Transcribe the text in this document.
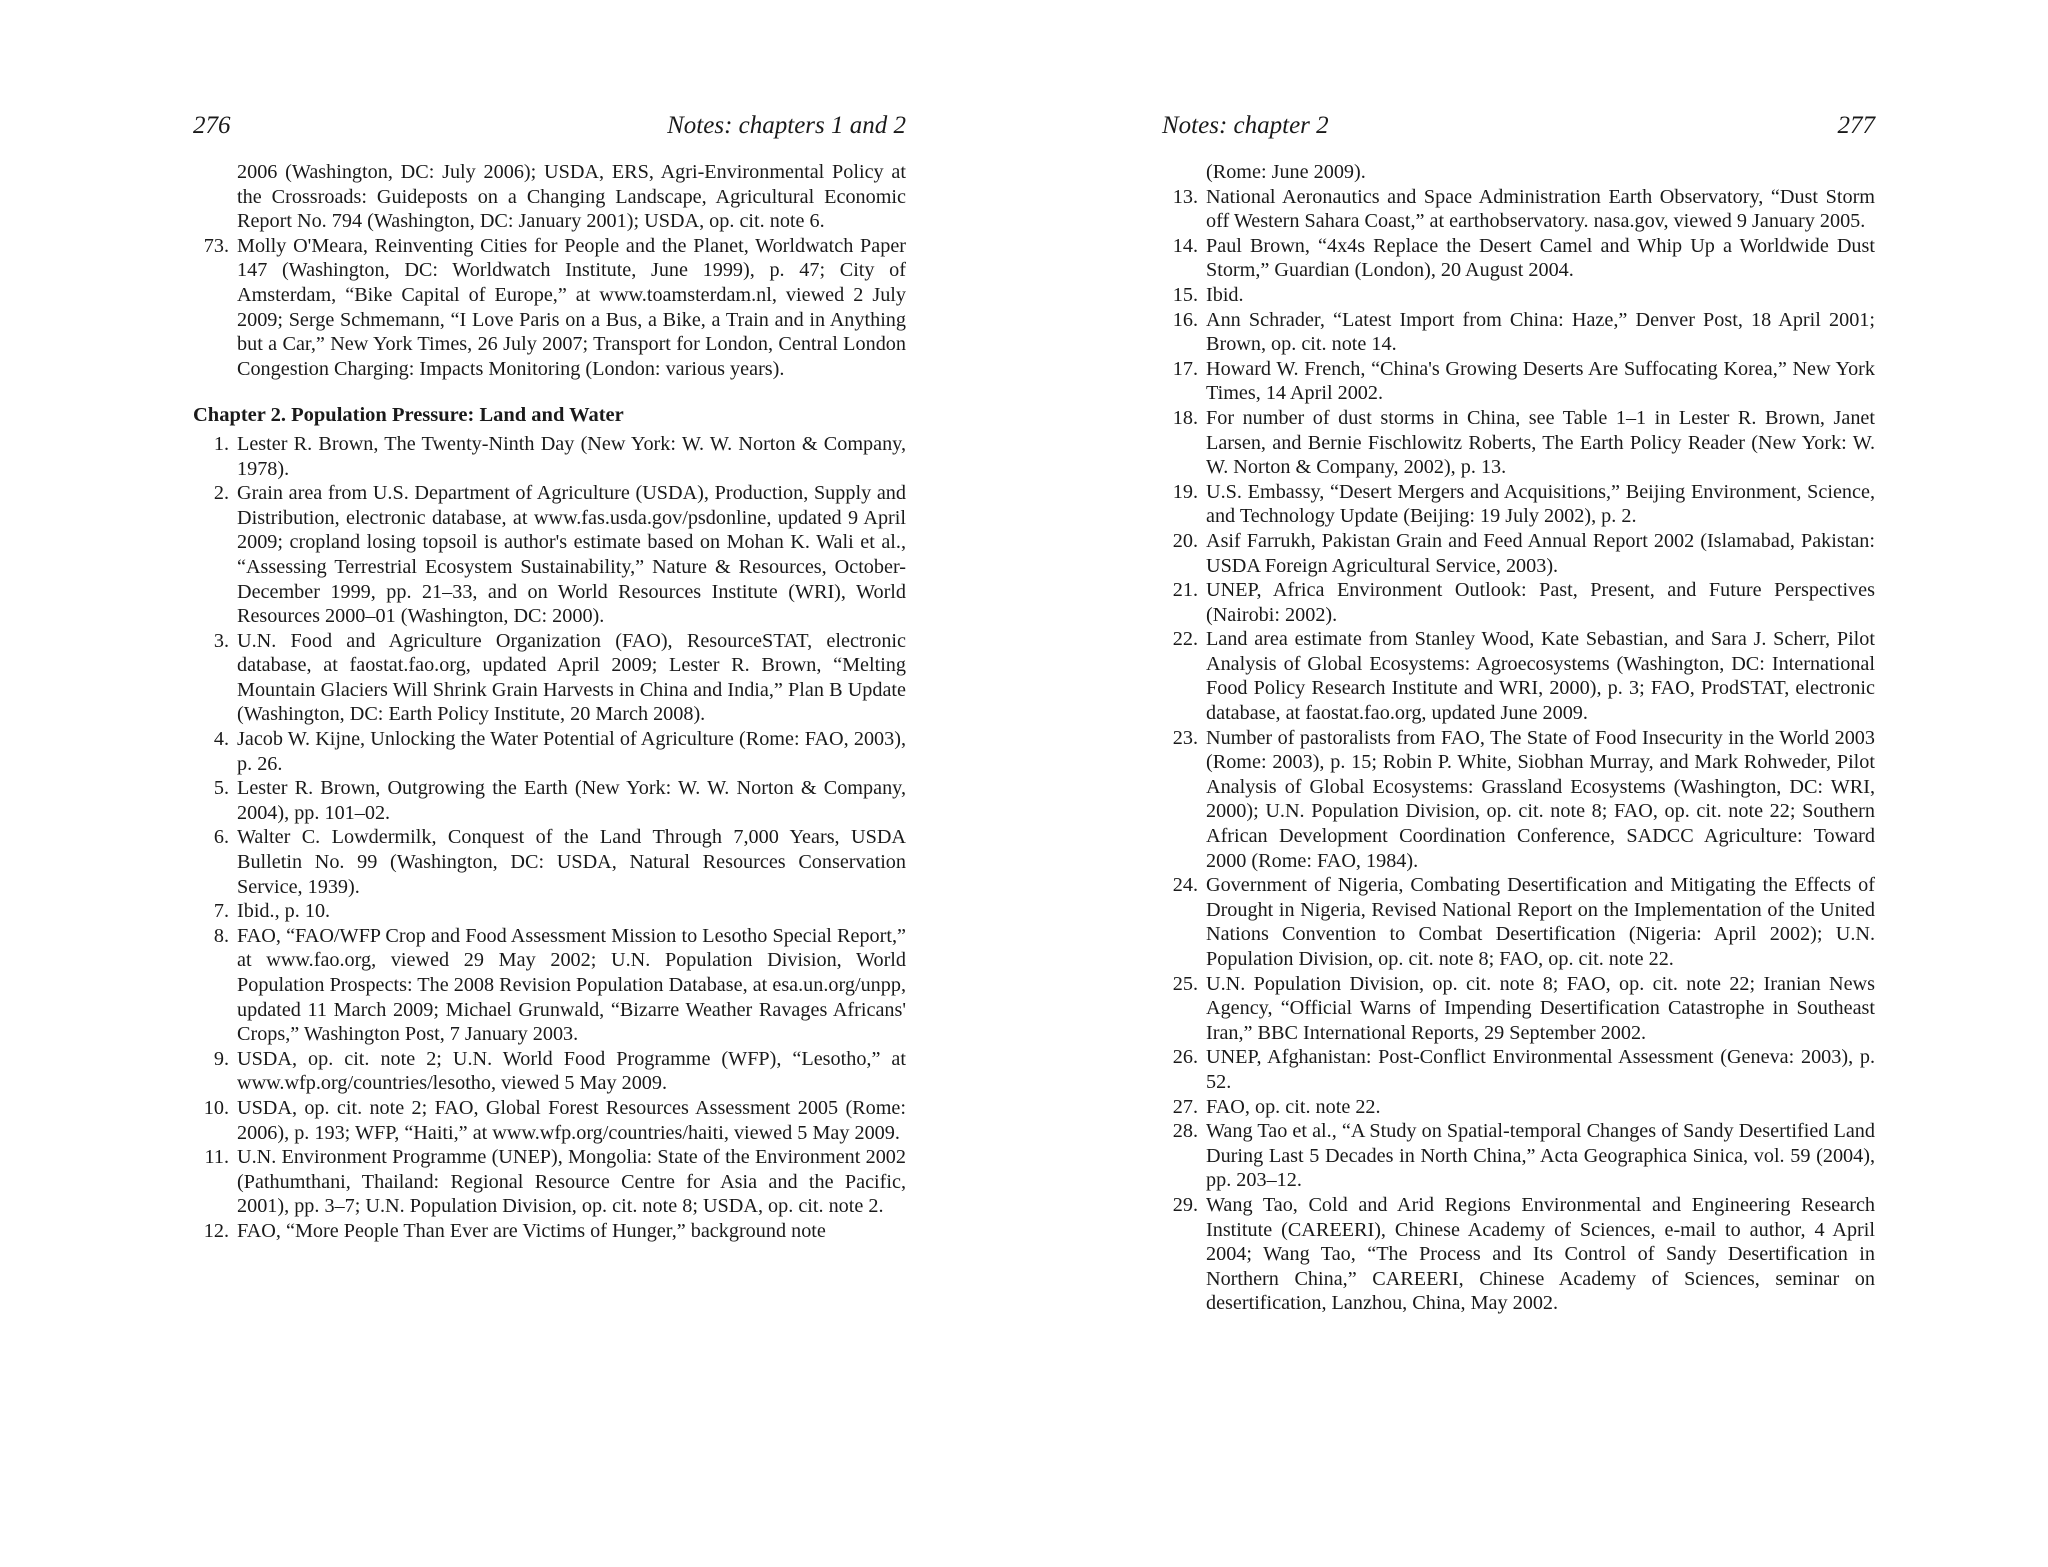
276	Notes: chapters 1 and 2
2006 (Washington, DC: July 2006); USDA, ERS, Agri-Environmental Policy at the Crossroads: Guideposts on a Changing Landscape, Agricultural Economic Report No. 794 (Washington, DC: January 2001); USDA, op. cit. note 6.
73. Molly O'Meara, Reinventing Cities for People and the Planet, Worldwatch Paper 147 (Washington, DC: Worldwatch Institute, June 1999), p. 47; City of Amsterdam, “Bike Capital of Europe,” at www.toamsterdam.nl, viewed 2 July 2009; Serge Schmemann, “I Love Paris on a Bus, a Bike, a Train and in Anything but a Car,” New York Times, 26 July 2007; Transport for London, Central London Congestion Charging: Impacts Monitoring (London: various years).
Chapter 2. Population Pressure: Land and Water
1. Lester R. Brown, The Twenty-Ninth Day (New York: W. W. Norton & Company, 1978).
2. Grain area from U.S. Department of Agriculture (USDA), Production, Supply and Distribution, electronic database, at www.fas.usda.gov/psdonline, updated 9 April 2009; cropland losing topsoil is author's estimate based on Mohan K. Wali et al., “Assessing Terrestrial Ecosystem Sustainability,” Nature & Resources, October-December 1999, pp. 21–33, and on World Resources Institute (WRI), World Resources 2000–01 (Washington, DC: 2000).
3. U.N. Food and Agriculture Organization (FAO), ResourceSTAT, electronic database, at faostat.fao.org, updated April 2009; Lester R. Brown, “Melting Mountain Glaciers Will Shrink Grain Harvests in China and India,” Plan B Update (Washington, DC: Earth Policy Institute, 20 March 2008).
4. Jacob W. Kijne, Unlocking the Water Potential of Agriculture (Rome: FAO, 2003), p. 26.
5. Lester R. Brown, Outgrowing the Earth (New York: W. W. Norton & Company, 2004), pp. 101–02.
6. Walter C. Lowdermilk, Conquest of the Land Through 7,000 Years, USDA Bulletin No. 99 (Washington, DC: USDA, Natural Resources Conservation Service, 1939).
7. Ibid., p. 10.
8. FAO, “FAO/WFP Crop and Food Assessment Mission to Lesotho Special Report,” at www.fao.org, viewed 29 May 2002; U.N. Population Division, World Population Prospects: The 2008 Revision Population Database, at esa.un.org/unpp, updated 11 March 2009; Michael Grunwald, “Bizarre Weather Ravages Africans' Crops,” Washington Post, 7 January 2003.
9. USDA, op. cit. note 2; U.N. World Food Programme (WFP), “Lesotho,” at www.wfp.org/countries/lesotho, viewed 5 May 2009.
10. USDA, op. cit. note 2; FAO, Global Forest Resources Assessment 2005 (Rome: 2006), p. 193; WFP, “Haiti,” at www.wfp.org/countries/haiti, viewed 5 May 2009.
11. U.N. Environment Programme (UNEP), Mongolia: State of the Environment 2002 (Pathumthani, Thailand: Regional Resource Centre for Asia and the Pacific, 2001), pp. 3–7; U.N. Population Division, op. cit. note 8; USDA, op. cit. note 2.
12. FAO, “More People Than Ever are Victims of Hunger,” background note
Notes: chapter 2	277
(Rome: June 2009).
13. National Aeronautics and Space Administration Earth Observatory, “Dust Storm off Western Sahara Coast,” at earthobservatory. nasa.gov, viewed 9 January 2005.
14. Paul Brown, “4x4s Replace the Desert Camel and Whip Up a Worldwide Dust Storm,” Guardian (London), 20 August 2004.
15. Ibid.
16. Ann Schrader, “Latest Import from China: Haze,” Denver Post, 18 April 2001; Brown, op. cit. note 14.
17. Howard W. French, “China's Growing Deserts Are Suffocating Korea,” New York Times, 14 April 2002.
18. For number of dust storms in China, see Table 1–1 in Lester R. Brown, Janet Larsen, and Bernie Fischlowitz Roberts, The Earth Policy Reader (New York: W. W. Norton & Company, 2002), p. 13.
19. U.S. Embassy, “Desert Mergers and Acquisitions,” Beijing Environment, Science, and Technology Update (Beijing: 19 July 2002), p. 2.
20. Asif Farrukh, Pakistan Grain and Feed Annual Report 2002 (Islamabad, Pakistan: USDA Foreign Agricultural Service, 2003).
21. UNEP, Africa Environment Outlook: Past, Present, and Future Perspectives (Nairobi: 2002).
22. Land area estimate from Stanley Wood, Kate Sebastian, and Sara J. Scherr, Pilot Analysis of Global Ecosystems: Agroecosystems (Washington, DC: International Food Policy Research Institute and WRI, 2000), p. 3; FAO, ProdSTAT, electronic database, at faostat.fao.org, updated June 2009.
23. Number of pastoralists from FAO, The State of Food Insecurity in the World 2003 (Rome: 2003), p. 15; Robin P. White, Siobhan Murray, and Mark Rohweder, Pilot Analysis of Global Ecosystems: Grassland Ecosystems (Washington, DC: WRI, 2000); U.N. Population Division, op. cit. note 8; FAO, op. cit. note 22; Southern African Development Coordination Conference, SADCC Agriculture: Toward 2000 (Rome: FAO, 1984).
24. Government of Nigeria, Combating Desertification and Mitigating the Effects of Drought in Nigeria, Revised National Report on the Implementation of the United Nations Convention to Combat Desertification (Nigeria: April 2002); U.N. Population Division, op. cit. note 8; FAO, op. cit. note 22.
25. U.N. Population Division, op. cit. note 8; FAO, op. cit. note 22; Iranian News Agency, “Official Warns of Impending Desertification Catastrophe in Southeast Iran,” BBC International Reports, 29 September 2002.
26. UNEP, Afghanistan: Post-Conflict Environmental Assessment (Geneva: 2003), p. 52.
27. FAO, op. cit. note 22.
28. Wang Tao et al., “A Study on Spatial-temporal Changes of Sandy Desertified Land During Last 5 Decades in North China,” Acta Geographica Sinica, vol. 59 (2004), pp. 203–12.
29. Wang Tao, Cold and Arid Regions Environmental and Engineering Research Institute (CAREERI), Chinese Academy of Sciences, e-mail to author, 4 April 2004; Wang Tao, “The Process and Its Control of Sandy Desertification in Northern China,” CAREERI, Chinese Academy of Sciences, seminar on desertification, Lanzhou, China, May 2002.
